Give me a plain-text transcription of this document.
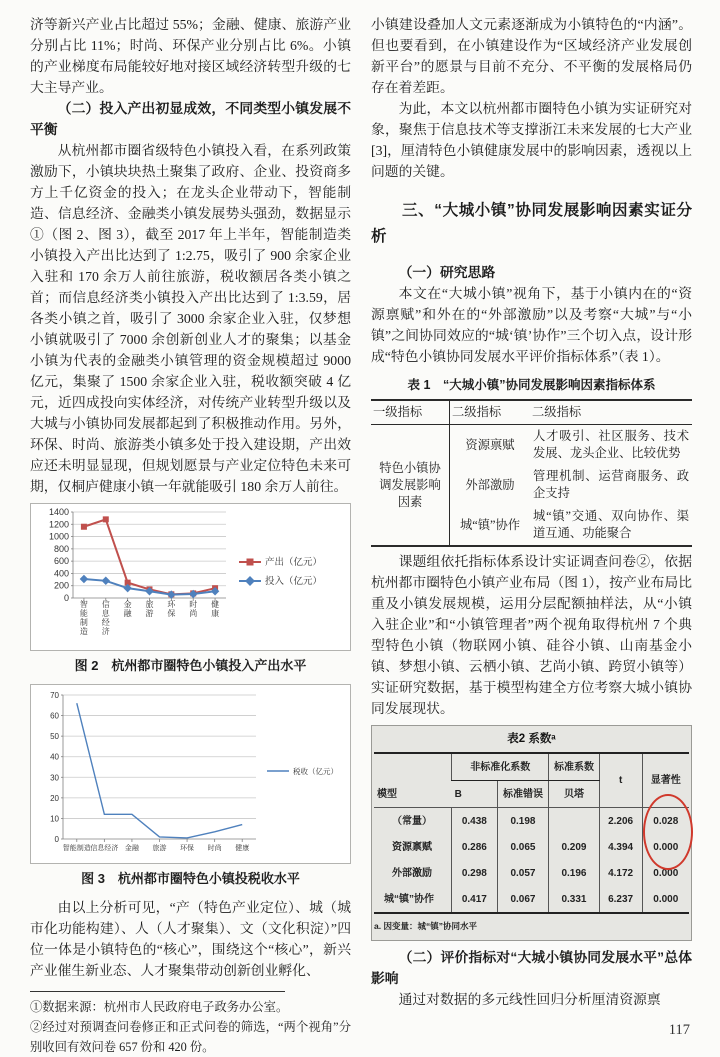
济等新兴产业占比超过 55%；金融、健康、旅游产业分别占比 11%；时尚、环保产业分别占比 6%。小镇的产业梯度布局能较好地对接区域经济转型升级的七大主导产业。

（二）投入产出初显成效，不同类型小镇发展不平衡

从杭州都市圈省级特色小镇投入看，在系列政策激励下，小镇块块热土聚集了政府、企业、投资商多方上千亿资金的投入；在龙头企业带动下，智能制造、信息经济、金融类小镇发展势头强劲，数据显示①（图 2、图 3），截至 2017 年上半年，智能制造类小镇投入产出比达到了 1:2.75，吸引了 900 余家企业入驻和 170 余万人前往旅游，税收额居各类小镇之首；而信息经济类小镇投入产出比达到了 1:3.59，居各类小镇之首，吸引了 3000 余家企业入驻，仅梦想小镇就吸引了 7000 余创新创业人才的聚集；以基金小镇为代表的金融类小镇管理的资金规模超过 9000 亿元，集聚了 1500 余家企业入驻，税收额突破 4 亿元，近四成投向实体经济，对传统产业转型升级以及大城与小镇协同发展都起到了积极推动作用。另外，环保、时尚、旅游类小镇多处于投入建设期，产出效应还未明显显现，但规划愿景与产业定位特色未来可期，仅桐庐健康小镇一年就能吸引 180 余万人前往。

0
200
400
600
800
1000
1200
1400
智能制造
信息经济
金融
旅游
环保
时尚
健康
产出（亿元）
投入（亿元）
图 2　杭州都市圈特色小镇投入产出水平
0
10
20
30
40
50
60
70
智能制造 信息经济 金融 旅游 环保 时尚 健康
税收（亿元）
图 3　杭州都市圈特色小镇投税收水平

由以上分析可见，“产（特色产业定位）、城（城市化功能构建）、人（人才聚集）、文（文化积淀）”四位一体是小镇特色的“核心”，围绕这个“核心”，新兴产业催生新业态、人才聚集带动创新创业孵化、

①数据来源：杭州市人民政府电子政务办公室。

②经过对预调查问卷修正和正式问卷的筛选，“两个视角”分别收回有效问卷 657 份和 420 份。

小镇建设叠加人文元素逐渐成为小镇特色的“内涵”。但也要看到，在小镇建设作为“区域经济产业发展创新平台”的愿景与目前不充分、不平衡的发展格局仍存在着差距。

为此，本文以杭州都市圈特色小镇为实证研究对象，聚焦于信息技术等支撑浙江未来发展的七大产业[3]，厘清特色小镇健康发展中的影响因素，透视以上问题的关键。

三、“大城小镇”协同发展影响因素实证分析

（一）研究思路

本文在“大城小镇”视角下，基于小镇内在的“资源禀赋”和外在的“外部激励”以及考察“大城”与“小镇”之间协同效应的“城‘镇’协作”三个切入点，设计形成“特色小镇协同发展水平评价指标体系”（表 1）。

表 1　“大城小镇”协同发展影响因素指标体系
一级指标	二级指标	二级指标
特色小镇协调发展影响因素	资源禀赋	人才吸引、社区服务、技术发展、龙头企业、比较优势
	外部激励	管理机制、运营商服务、政企支持
	城“镇”协作	城“镇”交通、双向协作、渠道互通、功能聚合

课题组依托指标体系设计实证调查问卷②，依据杭州都市圈特色小镇产业布局（图 1），按产业布局比重及小镇发展规模，运用分层配额抽样法，从“小镇入驻企业”和“小镇管理者”两个视角取得杭州 7 个典型特色小镇（物联网小镇、硅谷小镇、山南基金小镇、梦想小镇、云栖小镇、艺尚小镇、跨贸小镇等）实证研究数据，基于模型构建全方位考察大城小镇协同发展现状。

表2 系数ᵃ
模型	非标准化系数		标准系数	t	显著性
	B	标准错误	贝塔		
（常量）	0.438	0.198		2.206	0.028
资源禀赋	0.286	0.065	0.209	4.394	0.000
外部激励	0.298	0.057	0.196	4.172	0.000
城“镇”协作	0.417	0.067	0.331	6.237	0.000
a. 因变量：城“镇”协同水平

（二）评价指标对“大城小镇协同发展水平”总体影响

通过对数据的多元线性回归分析厘清资源禀

117
